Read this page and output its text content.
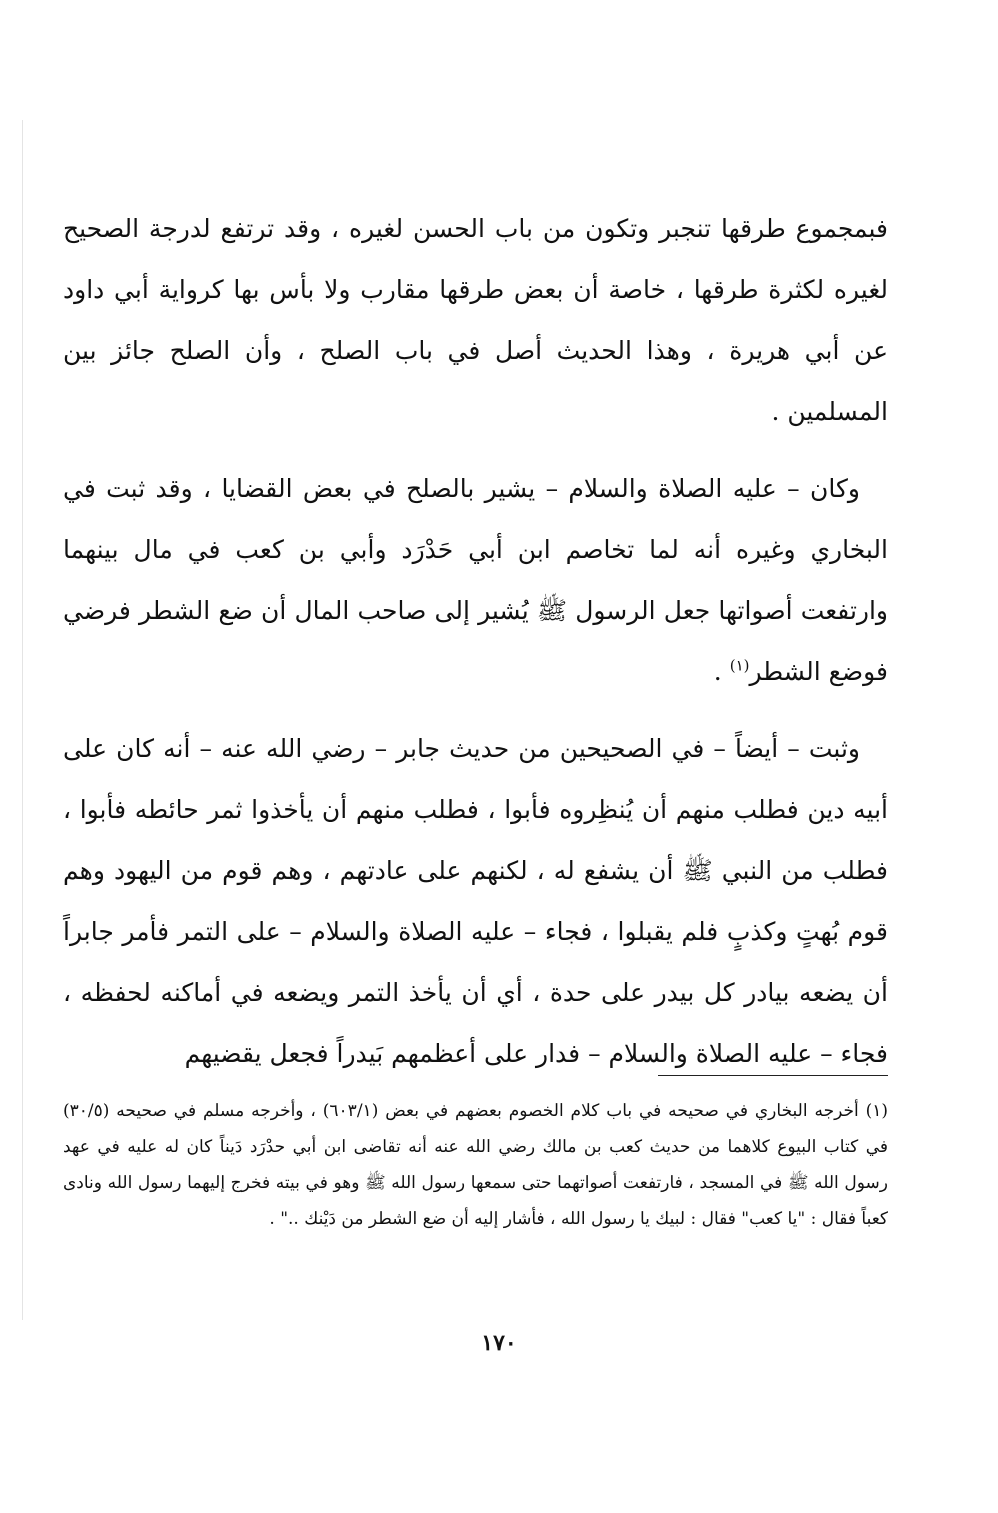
فبمجموع طرقها تنجبر وتكون من باب الحسن لغيره ، وقد ترتفع لدرجة الصحيح لغيره لكثرة طرقها ، خاصة أن بعض طرقها مقارب ولا بأس بها كرواية أبي داود عن أبي هريرة ، وهذا الحديث أصل في باب الصلح ، وأن الصلح جائز بين المسلمين .

وكان – عليه الصلاة والسلام – يشير بالصلح في بعض القضايا ، وقد ثبت في البخاري وغيره أنه لما تخاصم ابن أبي حَدْرَد وأبي بن كعب في مال بينهما وارتفعت أصواتها جعل الرسول ﷺ يُشير إلى صاحب المال أن ضع الشطر فرضي فوضع الشطر$^{(١)}$ .

وثبت – أيضاً – في الصحيحين من حديث جابر – رضي الله عنه – أنه كان على أبيه دين فطلب منهم أن يُنظِروه فأبوا ، فطلب منهم أن يأخذوا ثمر حائطه فأبوا ، فطلب من النبي ﷺ أن يشفع له ، لكنهم على عادتهم ، وهم قوم من اليهود وهم قوم بُهتٍ وكذبٍ فلم يقبلوا ، فجاء – عليه الصلاة والسلام – على التمر فأمر جابراً أن يضعه بيادر كل بيدر على حدة ، أي أن يأخذ التمر ويضعه في أماكنه لحفظه ، فجاء – عليه الصلاة والسلام – فدار على أعظمهم بَيدراً فجعل يقضيهم

(١) أخرجه البخاري في صحيحه في باب كلام الخصوم بعضهم في بعض (٦٠٣/١) ، وأخرجه مسلم في صحيحه (٣٠/٥) في كتاب البيوع كلاهما من حديث كعب بن مالك رضي الله عنه أنه تقاضى ابن أبي حدْرَد دَيناً كان له عليه في عهد رسول الله ﷺ في المسجد ، فارتفعت أصواتهما حتى سمعها رسول الله ﷺ وهو في بيته فخرج إليهما رسول الله ونادى كعباً فقال : "يا كعب" فقال : لبيك يا رسول الله ، فأشار إليه أن ضع الشطر من دَيْنك .." .

١٧٠
